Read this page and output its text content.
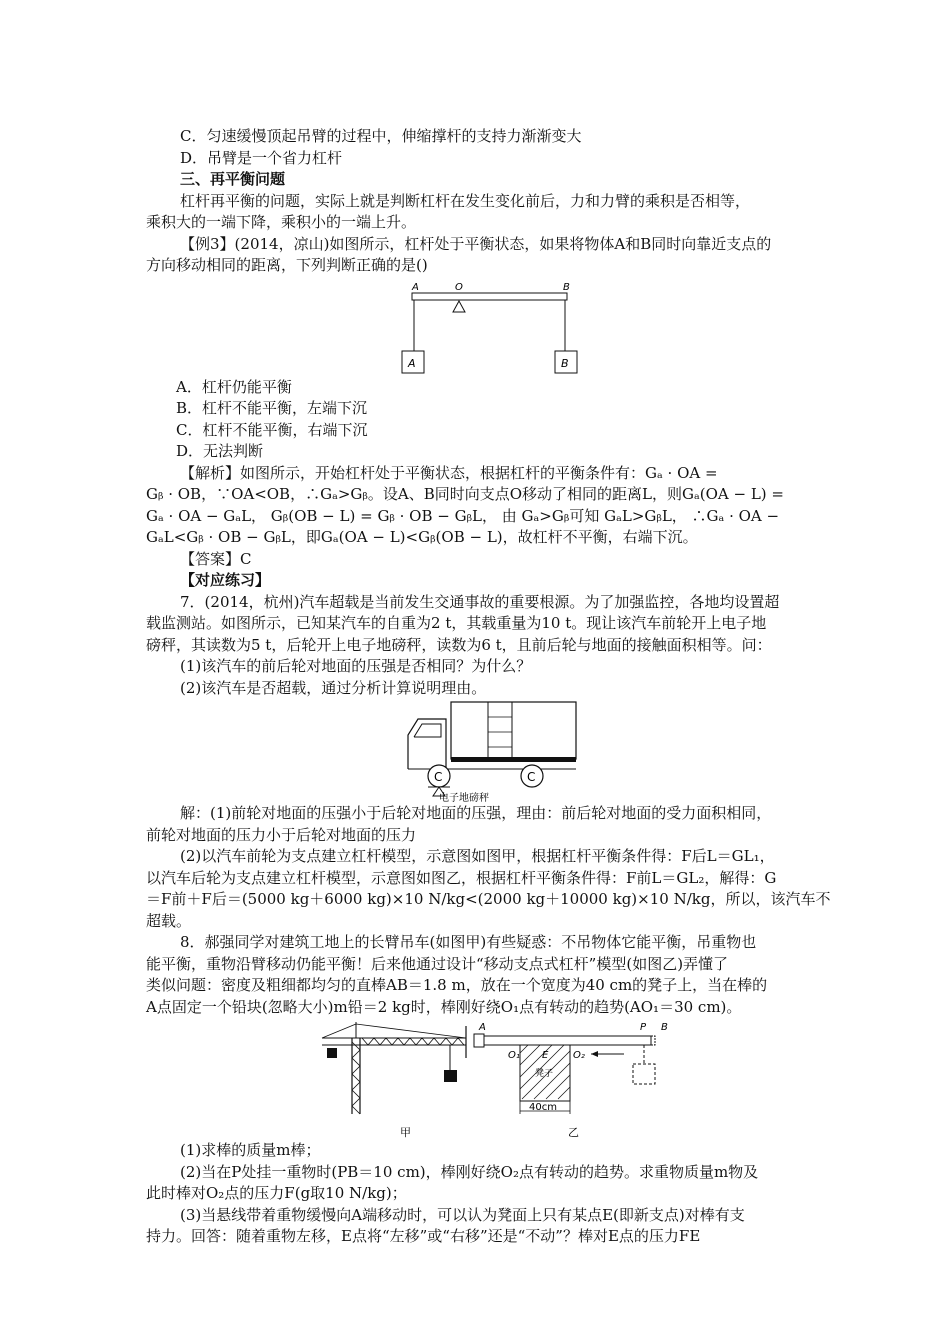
C．匀速缓慢顶起吊臂的过程中，伸缩撑杆的支持力渐渐变大
D．吊臂是一个省力杠杆
三、再平衡问题
杠杆再平衡的问题，实际上就是判断杠杆在发生变化前后，力和力臂的乘积是否相等，
乘积大的一端下降，乘积小的一端上升。
【例3】(2014，凉山)如图所示，杠杆处于平衡状态，如果将物体A和B同时向靠近支点的
方向移动相同的距离，下列判断正确的是()
A	O	B
A	B
A．杠杆仍能平衡
B．杠杆不能平衡，左端下沉
C．杠杆不能平衡，右端下沉
D．无法判断
【解析】如图所示，开始杠杆处于平衡状态，根据杠杆的平衡条件有：Gₐ · OA =
Gᵦ · OB，∵OA<OB，∴Gₐ>Gᵦ。设A、B同时向支点O移动了相同的距离L，则Gₐ(OA − L) =
Gₐ · OA − GₐL， Gᵦ(OB − L) = Gᵦ · OB − GᵦL， 由 Gₐ>Gᵦ可知 GₐL>GᵦL， ∴Gₐ · OA −
GₐL<Gᵦ · OB − GᵦL，即Gₐ(OA − L)<Gᵦ(OB − L)，故杠杆不平衡，右端下沉。
【答案】C
【对应练习】
7．(2014，杭州)汽车超载是当前发生交通事故的重要根源。为了加强监控，各地均设置超
载监测站。如图所示，已知某汽车的自重为2 t，其载重量为10 t。现让该汽车前轮开上电子地
磅秤，其读数为5 t，后轮开上电子地磅秤，读数为6 t，且前后轮与地面的接触面积相等。问：
(1)该汽车的前后轮对地面的压强是否相同？为什么？
(2)该汽车是否超载，通过分析计算说明理由。
C	C
电子地磅秤
解：(1)前轮对地面的压强小于后轮对地面的压强，理由：前后轮对地面的受力面积相同，
前轮对地面的压力小于后轮对地面的压力
(2)以汽车前轮为支点建立杠杆模型，示意图如图甲，根据杠杆平衡条件得：F后L＝GL₁，
以汽车后轮为支点建立杠杆模型，示意图如图乙，根据杠杆平衡条件得：F前L＝GL₂，解得：G
＝F前＋F后＝(5000 kg＋6000 kg)×10 N/kg<(2000 kg＋10000 kg)×10 N/kg，所以，该汽车不
超载。
8．郝强同学对建筑工地上的长臂吊车(如图甲)有些疑惑：不吊物体它能平衡，吊重物也
能平衡，重物沿臂移动仍能平衡！后来他通过设计“移动支点式杠杆”模型(如图乙)弄懂了
类似问题：密度及粗细都均匀的直棒AB＝1.8 m，放在一个宽度为40 cm的凳子上，当在棒的
A点固定一个铅块(忽略大小)m铅＝2 kg时，棒刚好绕O₁点有转动的趋势(AO₁＝30 cm)。
A	P B
O₁ E O₂
凳子
40cm
甲	乙
(1)求棒的质量m棒；
(2)当在P处挂一重物时(PB＝10 cm)，棒刚好绕O₂点有转动的趋势。求重物质量m物及
此时棒对O₂点的压力F(g取10 N/kg)；
(3)当悬线带着重物缓慢向A端移动时，可以认为凳面上只有某点E(即新支点)对棒有支
持力。回答：随着重物左移，E点将“左移”或“右移”还是“不动”？棒对E点的压力FE
